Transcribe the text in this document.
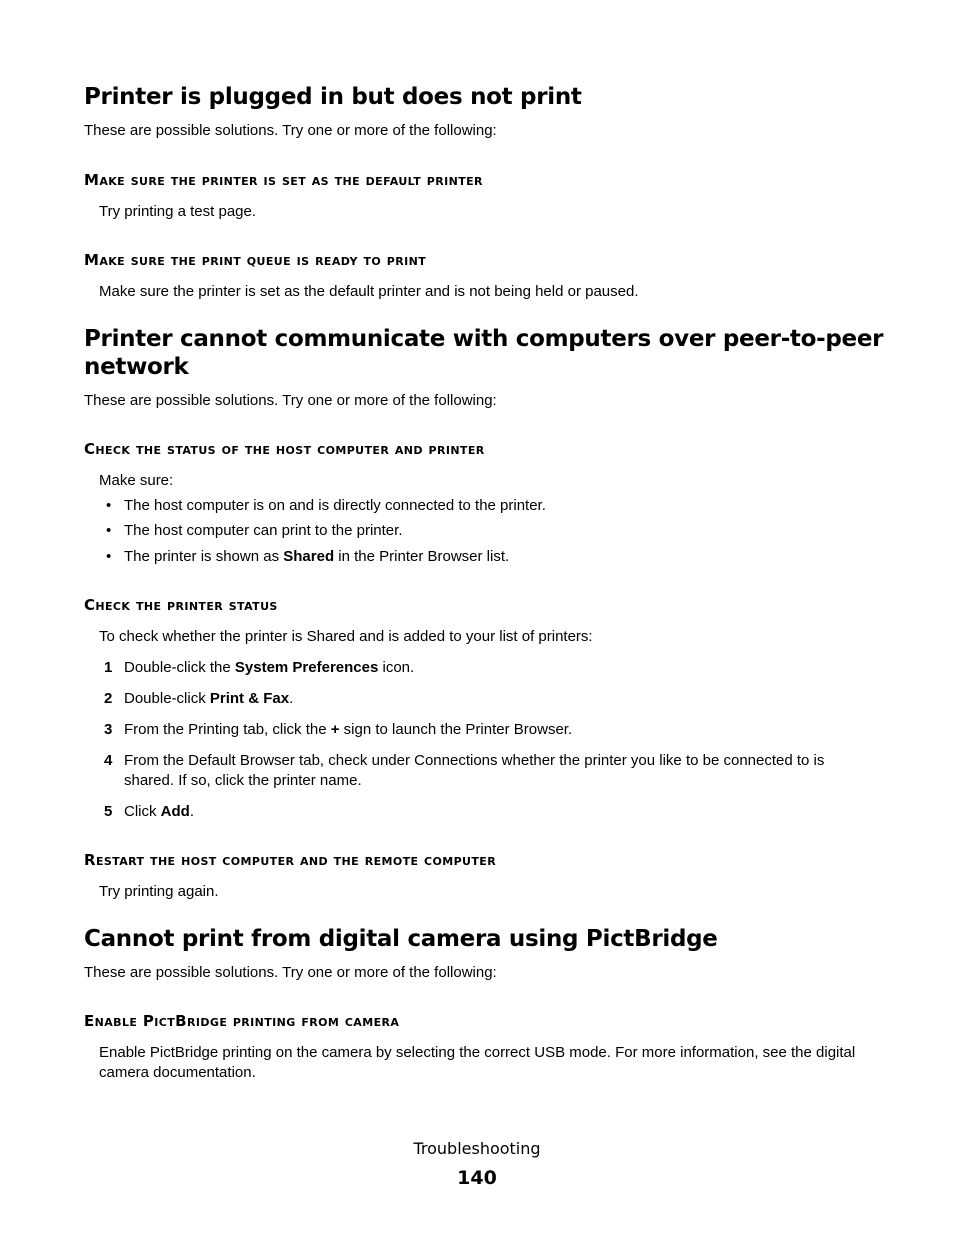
Printer is plugged in but does not print

These are possible solutions. Try one or more of the following:

Make sure the printer is set as the default printer

Try printing a test page.

Make sure the print queue is ready to print

Make sure the printer is set as the default printer and is not being held or paused.

Printer cannot communicate with computers over peer-to-peer network

These are possible solutions. Try one or more of the following:

Check the status of the host computer and printer

Make sure:

• The host computer is on and is directly connected to the printer.

• The host computer can print to the printer.

• The printer is shown as Shared in the Printer Browser list.

Check the printer status

To check whether the printer is Shared and is added to your list of printers:

1 Double-click the System Preferences icon.

2 Double-click Print & Fax.

3 From the Printing tab, click the + sign to launch the Printer Browser.

4 From the Default Browser tab, check under Connections whether the printer you like to be connected to is shared. If so, click the printer name.

5 Click Add.

Restart the host computer and the remote computer

Try printing again.

Cannot print from digital camera using PictBridge

These are possible solutions. Try one or more of the following:

Enable PictBridge printing from camera

Enable PictBridge printing on the camera by selecting the correct USB mode. For more information, see the digital camera documentation.

Troubleshooting

140
